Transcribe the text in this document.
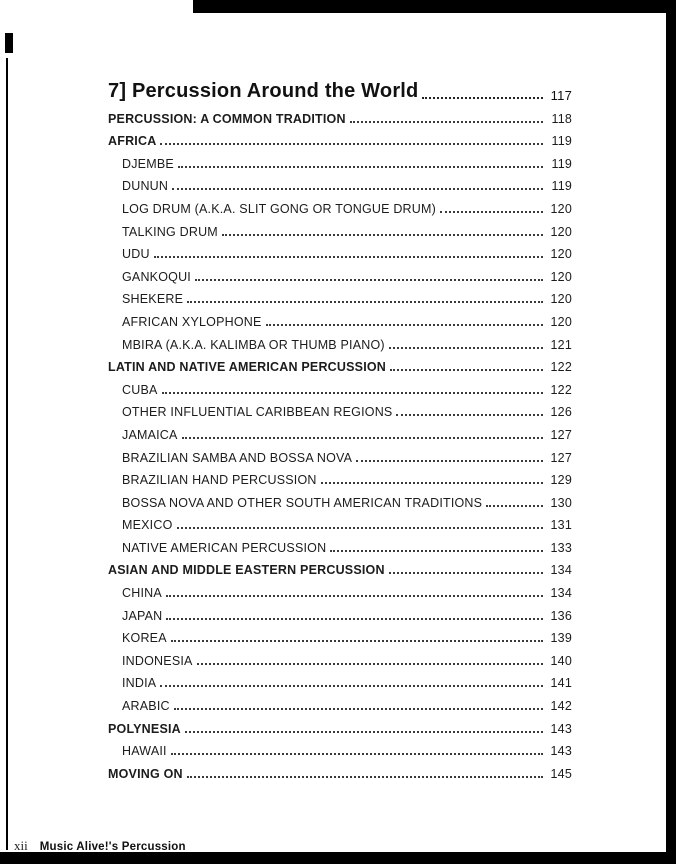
7] Percussion Around the World	117
PERCUSSION: A COMMON TRADITION	118
AFRICA	119
DJEMBE	119
DUNUN	119
LOG DRUM (A.K.A. SLIT GONG OR TONGUE DRUM)	120
TALKING DRUM	120
UDU	120
GANKOQUI	120
SHEKERE	120
AFRICAN XYLOPHONE	120
MBIRA (A.K.A. KALIMBA OR THUMB PIANO)	121
LATIN AND NATIVE AMERICAN PERCUSSION	122
CUBA	122
OTHER INFLUENTIAL CARIBBEAN REGIONS	126
JAMAICA	127
BRAZILIAN SAMBA AND BOSSA NOVA	127
BRAZILIAN HAND PERCUSSION	129
BOSSA NOVA AND OTHER SOUTH AMERICAN TRADITIONS	130
MEXICO	131
NATIVE AMERICAN PERCUSSION	133
ASIAN AND MIDDLE EASTERN PERCUSSION	134
CHINA	134
JAPAN	136
KOREA	139
INDONESIA	140
INDIA	141
ARABIC	142
POLYNESIA	143
HAWAII	143
MOVING ON	145
xii Music Alive!'s Percussion
